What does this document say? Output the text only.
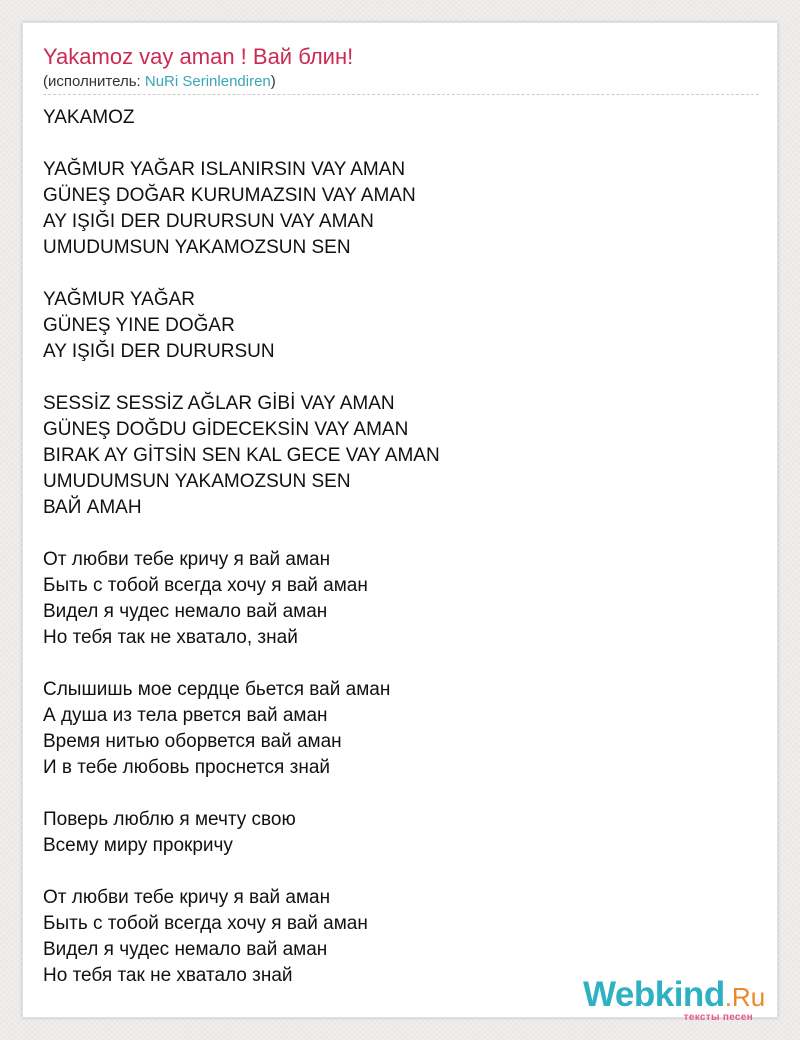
Yakamoz vay aman ! Вай блин!
(исполнитель: NuRi Serinlendiren)
YAKAMOZ
YAĞMUR YAĞAR ISLANIRSIN VAY AMAN
GÜNEŞ DOĞAR KURUMAZSIN VAY AMAN
AY IŞIĞI DER DURURSUN VAY AMAN
UMUDUMSUN YAKAMOZSUN SEN
YAĞMUR YAĞAR
GÜNEŞ YINE DOĞAR
AY IŞIĞI DER DURURSUN
SESSİZ SESSİZ AĞLAR GİBİ VAY AMAN
GÜNEŞ DOĞDU GİDECEKSİN VAY AMAN
BIRAK AY GİTSİN SEN KAL GECE VAY AMAN
UMUDUMSUN YAKAMOZSUN SEN
ВАЙ АМАН
От любви тебе кричу я вай аман
Быть с тобой всегда хочу я вай аман
Видел я чудес немало вай аман
Но тебя так не хватало, знай
Слышишь мое сердце бьется вай аман
А душа из тела рвется вай аман
Время нитью оборвется вай аман
И в тебе любовь проснется знай
Поверь люблю я мечту свою
Всему миру прокричу
От любви тебе кричу я вай аман
Быть с тобой всегда хочу я вай аман
Видел я чудес немало вай аман
Но тебя так не хватало знай	Webkind.Ru
тексты песен
